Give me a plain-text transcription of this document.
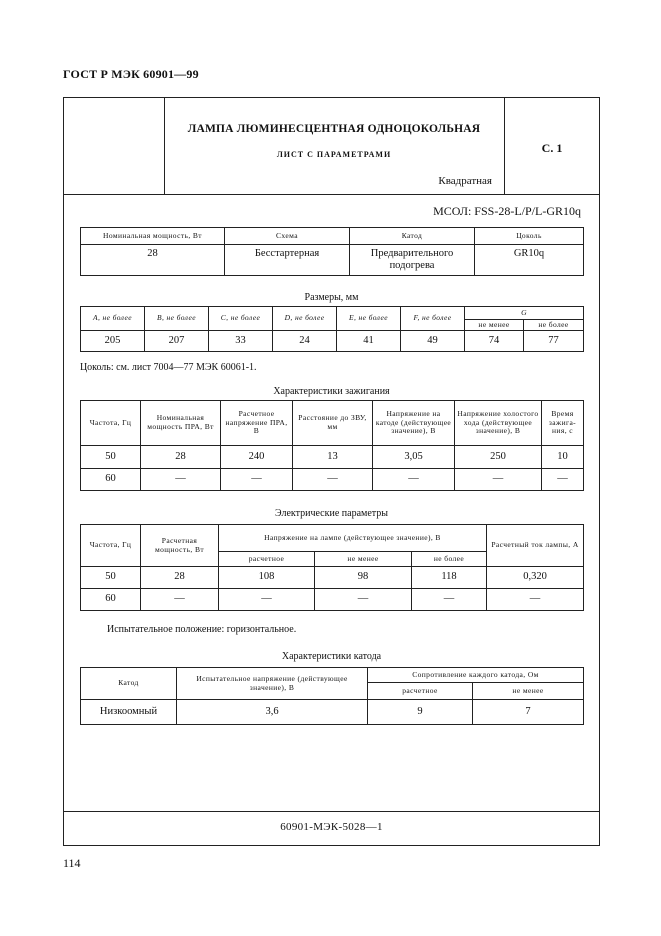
ГОСТ Р МЭК 60901—99
ЛАМПА ЛЮМИНЕСЦЕНТНАЯ ОДНОЦОКОЛЬНАЯ
ЛИСТ С ПАРАМЕТРАМИ
Квадратная
С. 1
МСОЛ: FSS-28-L/P/L-GR10q
Номинальная мощность, Вт	Схема	Катод	Цоколь
28	Бесстартерная	Предварительного подогрева	GR10q
Размеры, мм
A, не более	B, не более	C, не более	D, не более	E, не более	F, не более	G	
						не менее	не более
205	207	33	24	41	49	74	77
Цоколь: см. лист 7004—77 МЭК 60061-1.
Характеристики зажигания
Частота, Гц	Номинальная мощность ПРА, Вт	Расчетное напряжение ПРА, В	Расстояние до ЗВУ, мм	Напряжение на катоде (действующее значение), В	Напряжение холостого хода (действующее значение), В	Время зажига-ния, с
50	28	240	13	3,05	250	10
60	—	—	—	—	—	—
Электрические параметры
Частота, Гц	Расчетная мощность, Вт	Напряжение на лампе (действующее значение), В			Расчетный ток лампы, А
		расчетное	не менее	не более	
50	28	108	98	118	0,320
60	—	—	—	—	—
Испытательное положение: горизонтальное.
Характеристики катода
Катод	Испытательное напряжение (действующее значение), В	Сопротивление каждого катода, Ом	
		расчетное	не менее
Низкоомный	3,6	9	7
60901-МЭК-5028—1
114
